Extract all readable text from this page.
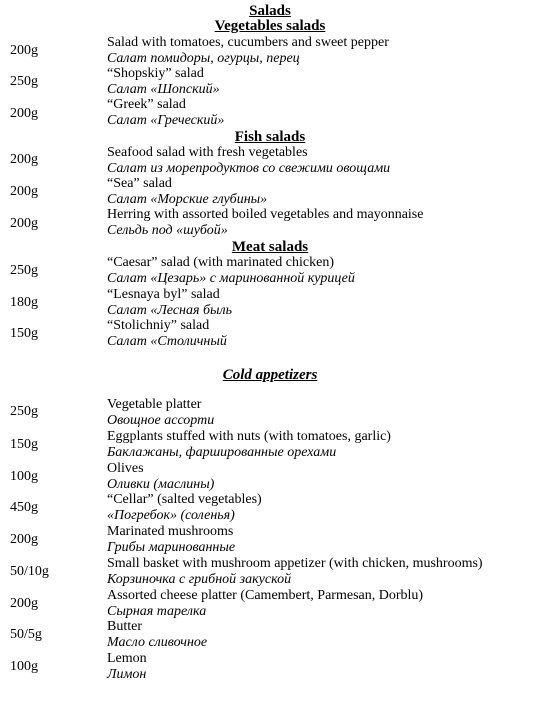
Salads
Vegetables salads
Fish salads
Meat salads
Cold appetizers
200g
Salad with tomatoes, cucumbers and sweet pepper
Салат помидоры, огурцы, перец
250g
“Shopskiy” salad
Салат «Шопский»
200g
“Greek” salad
Салат «Греческий»
200g	Seafood salad with fresh vegetables
Салат из морепродуктов со свежими овощами
200g
“Sea” salad
Салат «Морские глубины»
200g
Herring with assorted boiled vegetables and mayonnaise
Сельдь под «шубой»
250g
“Caesar” salad (with marinated chicken)
Салат «Цезарь» с маринованной курицей
180g
“Lesnaya byl” salad
Салат «Лесная быль
150g
“Stolichniy” salad
Салат «Столичный
250g	Vegetable platter
Овощное ассорти
150g
Eggplants stuffed with nuts (with tomatoes, garlic)
Баклажаны, фаршированные орехами
100g
Olives
Оливки (маслины)
450g
“Cellar” (salted vegetables)
«Погребок» (соленья)
200g
Marinated mushrooms
Грибы маринованные
50/10g
Small basket with mushroom appetizer (with chicken, mushrooms)
Корзиночка с грибной закуской
200g
Assorted cheese platter (Camembert, Parmesan, Dorblu)
Сырная тарелка
50/5g
Butter
Масло сливочное
100g
Lemon
Лимон
